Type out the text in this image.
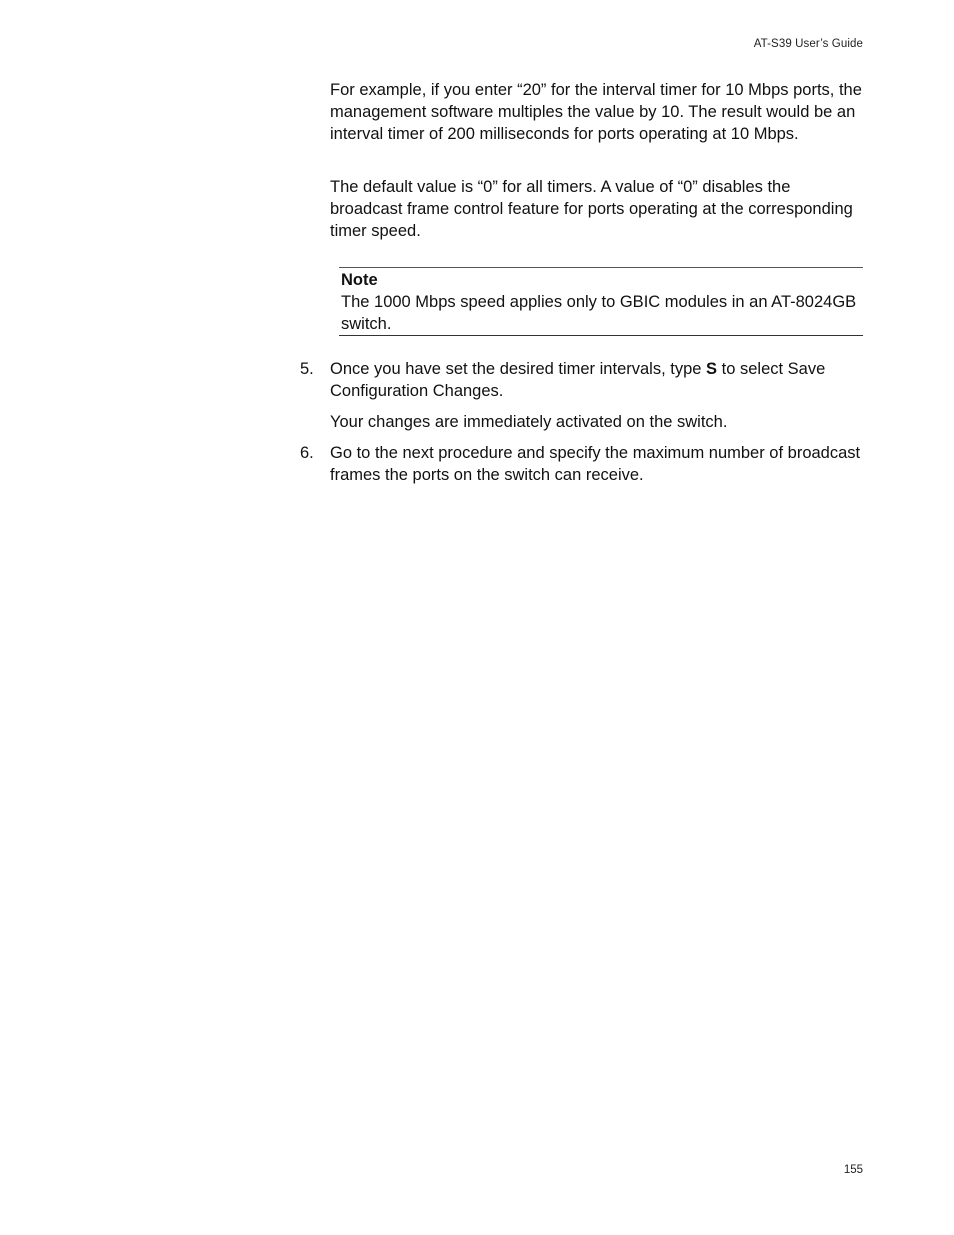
AT-S39 User’s Guide

For example, if you enter “20” for the interval timer for 10 Mbps ports, the management software multiples the value by 10. The result would be an interval timer of 200 milliseconds for ports operating at 10 Mbps.

The default value is “0” for all timers. A value of “0” disables the broadcast frame control feature for ports operating at the corresponding timer speed.

Note
The 1000 Mbps speed applies only to GBIC modules in an AT-8024GB switch.
5. Once you have set the desired timer intervals, type S to select Save Configuration Changes.
Your changes are immediately activated on the switch.
6. Go to the next procedure and specify the maximum number of broadcast frames the ports on the switch can receive.
155
